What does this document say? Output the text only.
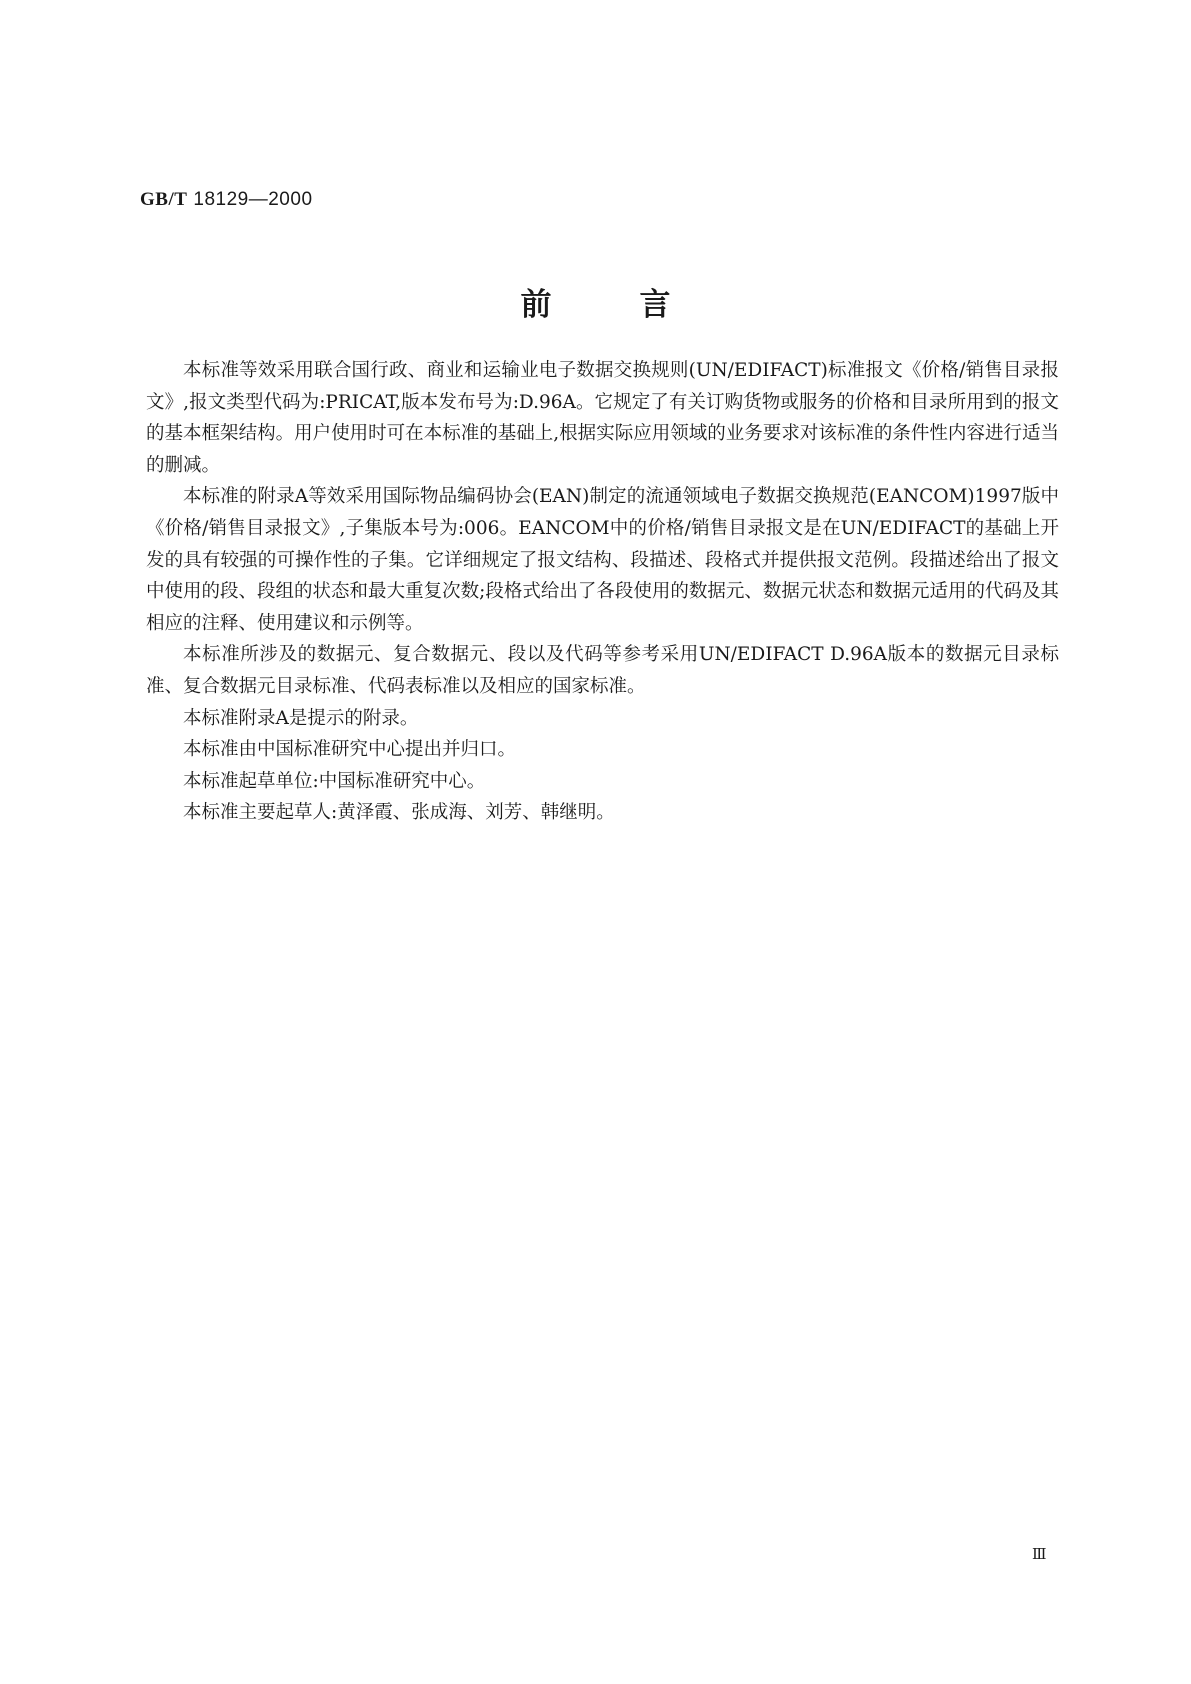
GB/T 18129—2000
前	言

本标准等效采用联合国行政、商业和运输业电子数据交换规则(UN/EDIFACT)标准报文《价格/销售目录报文》,报文类型代码为:PRICAT,版本发布号为:D.96A。它规定了有关订购货物或服务的价格和目录所用到的报文的基本框架结构。用户使用时可在本标准的基础上,根据实际应用领域的业务要求对该标准的条件性内容进行适当的删减。

本标准的附录A等效采用国际物品编码协会(EAN)制定的流通领域电子数据交换规范(EANCOM)1997版中《价格/销售目录报文》,子集版本号为:006。EANCOM中的价格/销售目录报文是在UN/EDIFACT的基础上开发的具有较强的可操作性的子集。它详细规定了报文结构、段描述、段格式并提供报文范例。段描述给出了报文中使用的段、段组的状态和最大重复次数;段格式给出了各段使用的数据元、数据元状态和数据元适用的代码及其相应的注释、使用建议和示例等。

本标准所涉及的数据元、复合数据元、段以及代码等参考采用UN/EDIFACT D.96A版本的数据元目录标准、复合数据元目录标准、代码表标准以及相应的国家标准。

本标准附录A是提示的附录。

本标准由中国标准研究中心提出并归口。

本标准起草单位:中国标准研究中心。

本标准主要起草人:黄泽霞、张成海、刘芳、韩继明。

Ⅲ
